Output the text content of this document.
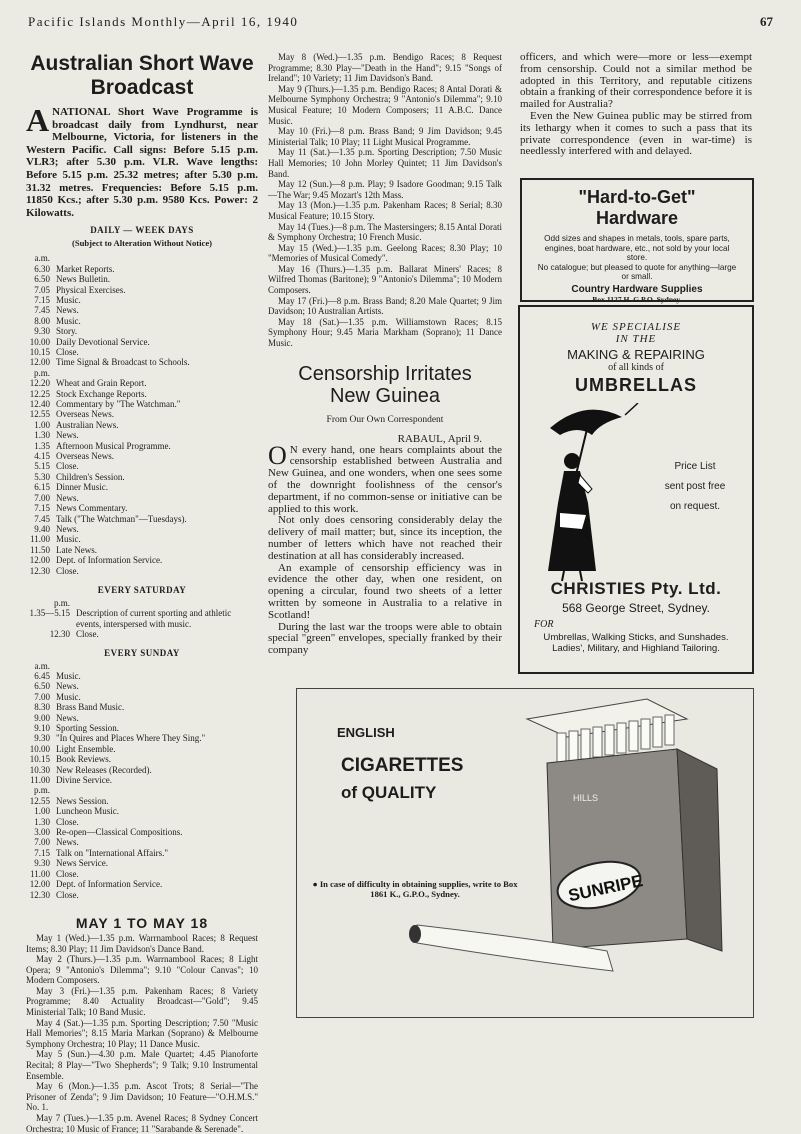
Pacific Islands Monthly—April 16, 1940	67
Australian Short Wave Broadcast
A NATIONAL Short Wave Programme is broadcast daily from Lyndhurst, near Melbourne, Victoria, for listeners in the Western Pacific. Call signs: Before 5.15 p.m. VLR3; after 5.30 p.m. VLR. Wave lengths: Before 5.15 p.m. 25.32 metres; after 5.30 p.m. 31.32 metres. Frequencies: Before 5.15 p.m. 11850 Kcs.; after 5.30 p.m. 9580 Kcs. Power: 2 Kilowatts.
DAILY — WEEK DAYS
(Subject to Alteration Without Notice)
a.m.
6.30 Market Reports.
6.50 News Bulletin.
7.05 Physical Exercises.
7.15 Music.
7.45 News.
8.00 Music.
9.30 Story.
10.00 Daily Devotional Service.
10.15 Close.
12.00 Time Signal & Broadcast to Schools.
p.m.
12.20 Wheat and Grain Report.
12.25 Stock Exchange Reports.
12.40 Commentary by "The Watchman."
12.55 Overseas News.
1.00 Australian News.
1.30 News.
1.35 Afternoon Musical Programme.
4.15 Overseas News.
5.15 Close.
5.30 Children's Session.
6.15 Dinner Music.
7.00 News.
7.15 News Commentary.
7.45 Talk ("The Watchman"—Tuesdays).
9.40 News.
11.00 Music.
11.50 Late News.
12.00 Dept. of Information Service.
12.30 Close.
EVERY SATURDAY
p.m.
1.35—5.15 Description of current sporting and athletic events, interspersed with music.
12.30 Close.
EVERY SUNDAY
a.m.
6.45 Music.
6.50 News.
7.00 Music.
8.30 Brass Band Music.
9.00 News.
9.10 Sporting Session.
9.30 "In Quires and Places Where They Sing."
10.00 Light Ensemble.
10.15 Book Reviews.
10.30 New Releases (Recorded).
11.00 Divine Service.
p.m.
12.55 News Session.
1.00 Luncheon Music.
1.30 Close.
3.00 Re-open—Classical Compositions.
7.00 News.
7.15 Talk on "International Affairs."
9.30 News Service.
11.00 Close.
12.00 Dept. of Information Service.
12.30 Close.
MAY 1 TO MAY 18

May 1 (Wed.)—1.35 p.m. Warrnambool Races; 8 Request Items; 8.30 Play; 11 Jim Davidson's Dance Band.

May 2 (Thurs.)—1.35 p.m. Warrnambool Races; 8 Light Opera; 9 "Antonio's Dilemma"; 9.10 "Colour Canvas"; 10 Modern Composers.

May 3 (Fri.)—1.35 p.m. Pakenham Races; 8 Variety Programme; 8.40 Actuality Broadcast—"Gold"; 9.45 Ministerial Talk; 10 Band Music.

May 4 (Sat.)—1.35 p.m. Sporting Description; 7.50 "Music Hall Memories"; 8.15 Maria Markan (Soprano) & Melbourne Symphony Orchestra; 10 Play; 11 Dance Music.

May 5 (Sun.)—4.30 p.m. Male Quartet; 4.45 Pianoforte Recital; 8 Play—"Two Shepherds"; 9 Talk; 9.10 Instrumental Ensemble.

May 6 (Mon.)—1.35 p.m. Ascot Trots; 8 Serial—"The Prisoner of Zenda"; 9 Jim Davidson; 10 Feature—"O.H.M.S." No. 1.

May 7 (Tues.)—1.35 p.m. Avenel Races; 8 Sydney Concert Orchestra; 10 Music of France; 11 "Sarabande & Serenade".

May 8 (Wed.)—1.35 p.m. Bendigo Races; 8 Request Programme; 8.30 Play—"Death in the Hand"; 9.15 "Songs of Ireland"; 10 Variety; 11 Jim Davidson's Band.

May 9 (Thurs.)—1.35 p.m. Bendigo Races; 8 Antal Dorati & Melbourne Symphony Orchestra; 9 "Antonio's Dilemma"; 9.10 Musical Feature; 10 Modern Composers; 11 A.B.C. Dance Music.

May 10 (Fri.)—8 p.m. Brass Band; 9 Jim Davidson; 9.45 Ministerial Talk; 10 Play; 11 Light Musical Programme.

May 11 (Sat.)—1.35 p.m. Sporting Description; 7.50 Music Hall Memories; 10 John Morley Quintet; 11 Jim Davidson's Band.

May 12 (Sun.)—8 p.m. Play; 9 Isadore Goodman; 9.15 Talk—The War; 9.45 Mozart's 12th Mass.

May 13 (Mon.)—1.35 p.m. Pakenham Races; 8 Serial; 8.30 Musical Feature; 10.15 Story.

May 14 (Tues.)—8 p.m. The Mastersingers; 8.15 Antal Dorati & Symphony Orchestra; 10 French Music.

May 15 (Wed.)—1.35 p.m. Geelong Races; 8.30 Play; 10 "Memories of Musical Comedy".

May 16 (Thurs.)—1.35 p.m. Ballarat Miners' Races; 8 Wilfred Thomas (Baritone); 9 "Antonio's Dilemma"; 10 Modern Composers.

May 17 (Fri.)—8 p.m. Brass Band; 8.20 Male Quartet; 9 Jim Davidson; 10 Australian Artists.

May 18 (Sat.)—1.35 p.m. Williamstown Races; 8.15 Symphony Hour; 9.45 Maria Markham (Soprano); 11 Dance Music.

Censorship Irritates New Guinea
From Our Own Correspondent
RABAUL, April 9.

O N every hand, one hears complaints about the censorship established between Australia and New Guinea, and one wonders, when one sees some of the downright foolishness of the censor's department, if no common-sense or initiative can be applied to this work.

Not only does censoring considerably delay the delivery of mail matter; but, since its inception, the number of letters which have not reached their destination at all has considerably increased.

An example of censorship efficiency was in evidence the other day, when one resident, on opening a circular, found two sheets of a letter written by someone in Australia to a relative in Scotland!

During the last war the troops were able to obtain special "green" envelopes, specially franked by their company

officers, and which were—more or less—exempt from censorship. Could not a similar method be adopted in this Territory, and reputable citizens obtain a franking of their correspondence before it is mailed for Australia?

Even the New Guinea public may be stirred from its lethargy when it comes to such a pass that its private correspondence (even in war-time) is needlessly interfered with and delayed.

"Hard-to-Get" Hardware
Odd sizes and shapes in metals, tools, spare parts, engines, boat hardware, etc., not sold by your local store.
No catalogue; but pleased to quote for anything—large or small.
Country Hardware Supplies
Box 1127 H. G.P.O. Sydney.
WE SPECIALISE
IN THE
MAKING & REPAIRING
of all kinds of
UMBRELLAS
Price List
sent post free
on request.
CHRISTIES Pty. Ltd.
568 George Street, Sydney.
FOR
Umbrellas, Walking Sticks, and Sunshades. Ladies', Military, and Highland Tailoring.
ENGLISH
CIGARETTES
of QUALITY
● In case of difficulty in obtaining supplies, write to Box 1861 K., G.P.O., Sydney.
HILLS
SUNRIPE
